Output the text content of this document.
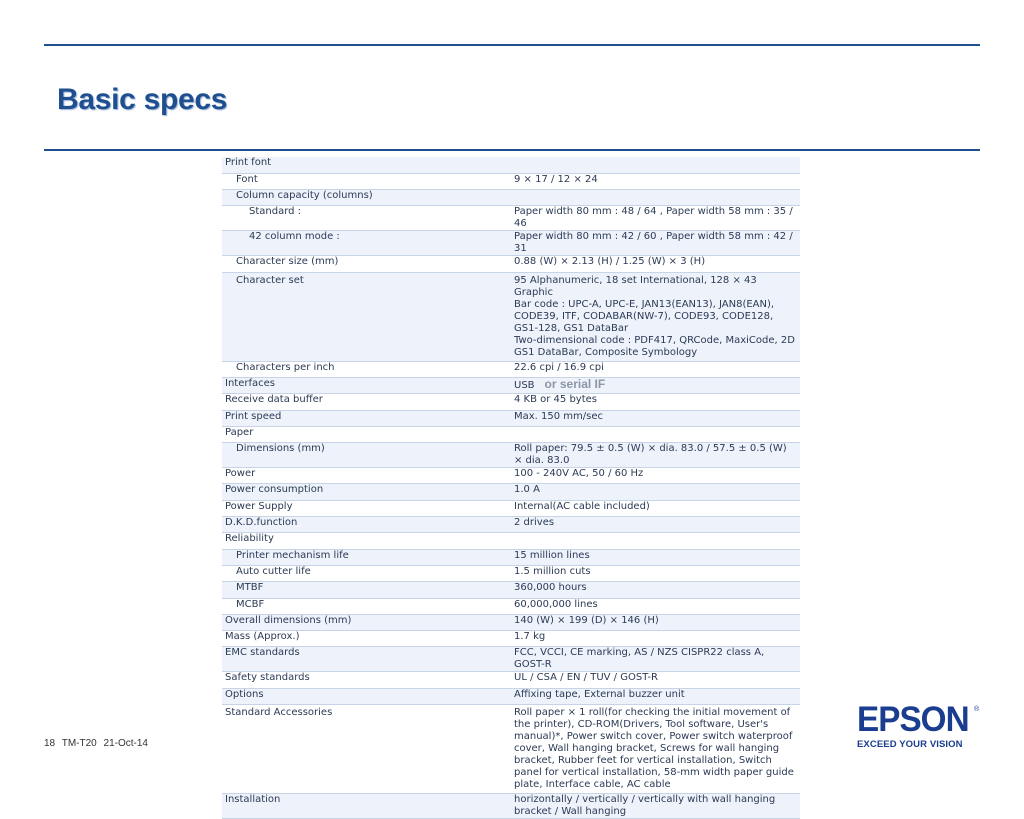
Basic specs
Print font	
Font	9 × 17 / 12 × 24
Column capacity (columns)	
Standard :	Paper width 80 mm : 48 / 64 , Paper width 58 mm : 35 / 46
42 column mode :	Paper width 80 mm : 42 / 60 , Paper width 58 mm : 42 / 31
Character size (mm)	0.88 (W) × 2.13 (H) / 1.25 (W) × 3 (H)
Character set	95 Alphanumeric, 18 set International, 128 × 43 Graphic
Bar code : UPC-A, UPC-E, JAN13(EAN13), JAN8(EAN), CODE39, ITF, CODABAR(NW-7), CODE93, CODE128, GS1-128, GS1 DataBar
Two-dimensional code : PDF417, QRCode, MaxiCode, 2D GS1 DataBar, Composite Symbology
Characters per inch	22.6 cpi / 16.9 cpi
Interfaces	USB or serial IF
Receive data buffer	4 KB or 45 bytes
Print speed	Max. 150 mm/sec
Paper	
Dimensions (mm)	Roll paper: 79.5 ± 0.5 (W) × dia. 83.0 / 57.5 ± 0.5 (W) × dia. 83.0
Power	100 - 240V AC, 50 / 60 Hz
Power consumption	1.0 A
Power Supply	Internal(AC cable included)
D.K.D.function	2 drives
Reliability	
Printer mechanism life	15 million lines
Auto cutter life	1.5 million cuts
MTBF	360,000 hours
MCBF	60,000,000 lines
Overall dimensions (mm)	140 (W) × 199 (D) × 146 (H)
Mass (Approx.)	1.7 kg
EMC standards	FCC, VCCI, CE marking, AS / NZS CISPR22 class A, GOST-R
Safety standards	UL / CSA / EN / TÜV / GOST-R
Options	Affixing tape, External buzzer unit
Standard Accessories	Roll paper × 1 roll(for checking the initial movement of the printer), CD-ROM(Drivers, Tool software, User's manual)*, Power switch cover, Power switch waterproof cover, Wall hanging bracket, Screws for wall hanging bracket, Rubber feet for vertical installation, Switch panel for vertical installation, 58-mm width paper guide plate, Interface cable, AC cable
Installation	horizontally / vertically / vertically with wall hanging bracket / Wall hanging
18 TM-T20 21-Oct-14
EPSON ®
EXCEED YOUR VISION
